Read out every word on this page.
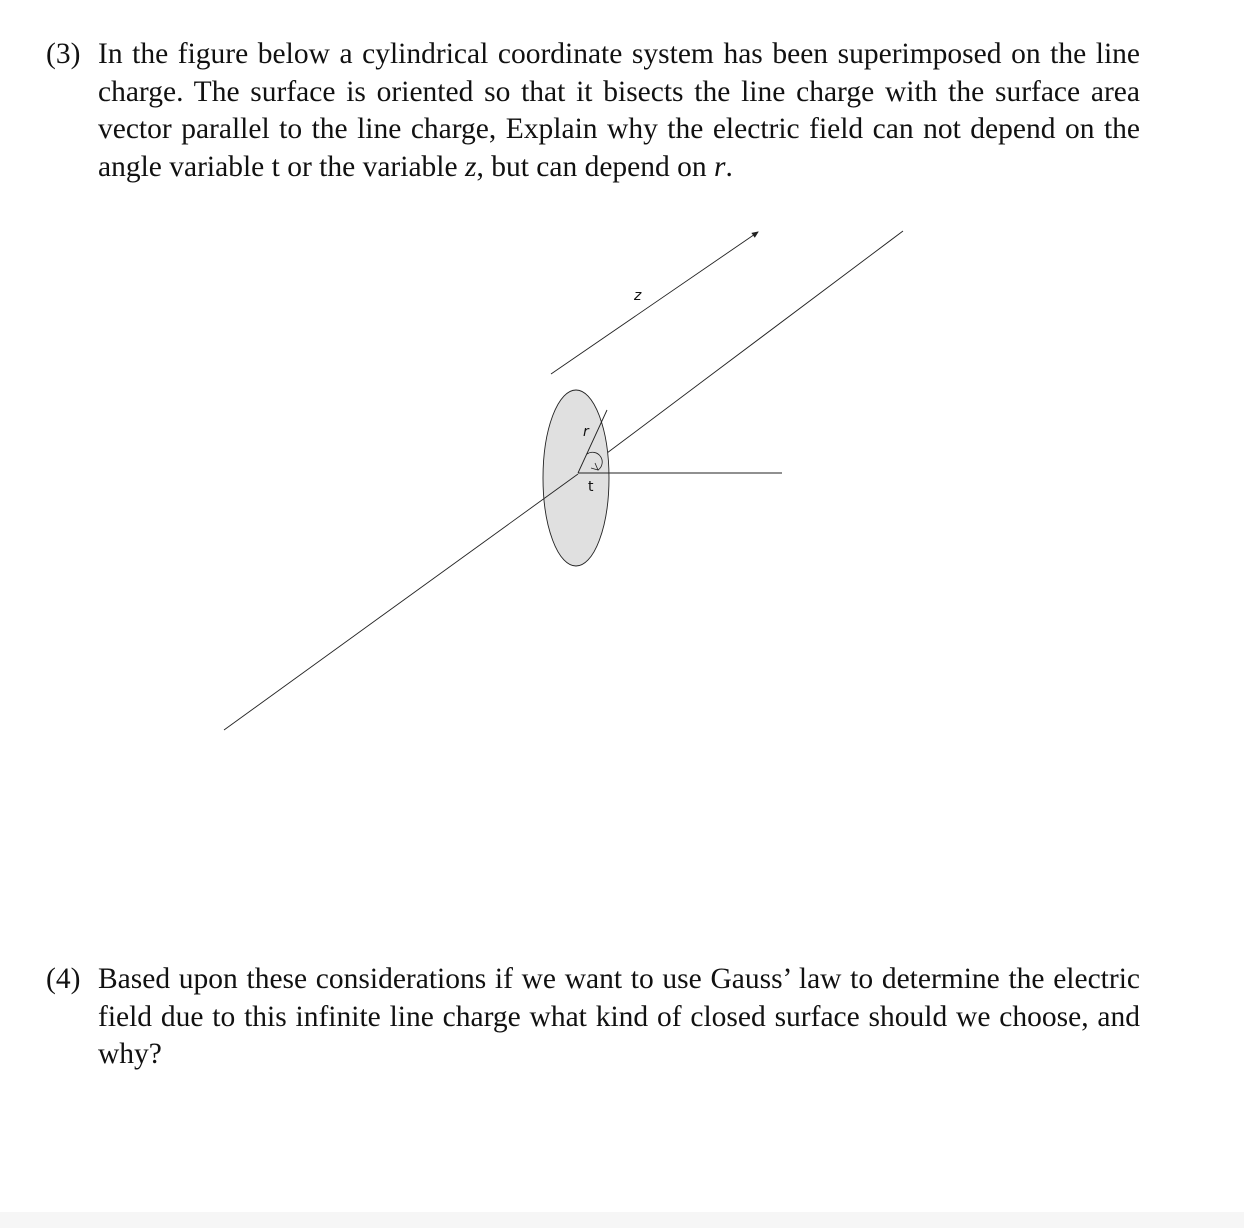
(3) In the figure below a cylindrical coordinate system has been superimposed on the line charge. The surface is oriented so that it bisects the line charge with the surface area vector parallel to the line charge, Explain why the electric field can not depend on the angle variable t or the variable z, but can depend on r.
z
r
t
(4) Based upon these considerations if we want to use Gauss’ law to determine the electric field due to this infinite line charge what kind of closed surface should we choose, and why?
